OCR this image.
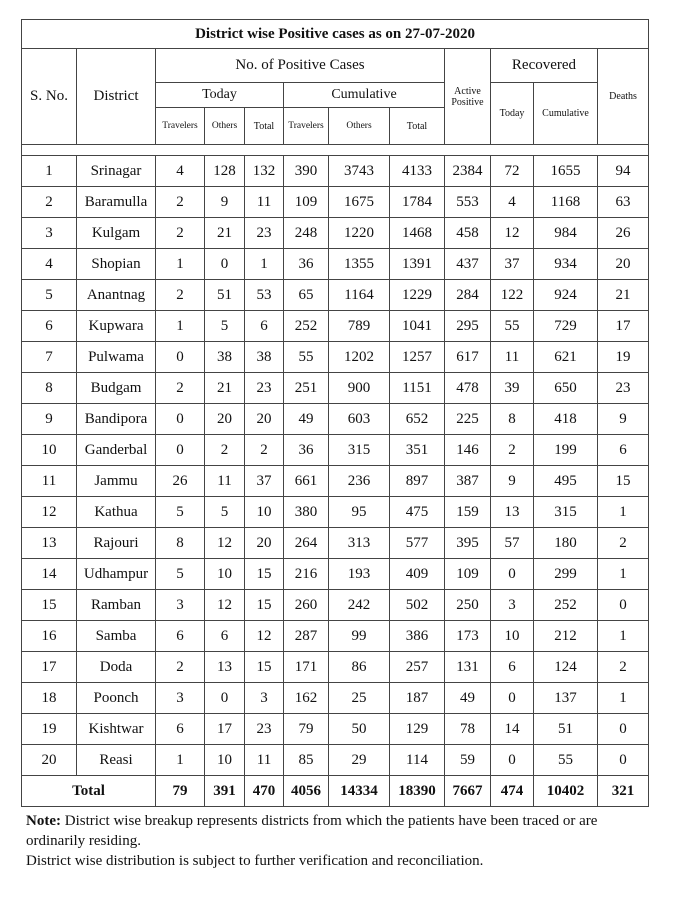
District wise Positive cases as on 27-07-2020											
S. No.	District	No. of Positive Cases						Active
Positive	Recovered		Deaths
		Today			Cumulative				Today	Cumulative	
		Travelers	Others	Total	Travelers	Others	Total				

1	Srinagar	4	128	132	390	3743	4133	2384	72	1655	94
2	Baramulla	2	9	11	109	1675	1784	553	4	1168	63
3	Kulgam	2	21	23	248	1220	1468	458	12	984	26
4	Shopian	1	0	1	36	1355	1391	437	37	934	20
5	Anantnag	2	51	53	65	1164	1229	284	122	924	21
6	Kupwara	1	5	6	252	789	1041	295	55	729	17
7	Pulwama	0	38	38	55	1202	1257	617	11	621	19
8	Budgam	2	21	23	251	900	1151	478	39	650	23
9	Bandipora	0	20	20	49	603	652	225	8	418	9
10	Ganderbal	0	2	2	36	315	351	146	2	199	6
11	Jammu	26	11	37	661	236	897	387	9	495	15
12	Kathua	5	5	10	380	95	475	159	13	315	1
13	Rajouri	8	12	20	264	313	577	395	57	180	2
14	Udhampur	5	10	15	216	193	409	109	0	299	1
15	Ramban	3	12	15	260	242	502	250	3	252	0
16	Samba	6	6	12	287	99	386	173	10	212	1
17	Doda	2	13	15	171	86	257	131	6	124	2
18	Poonch	3	0	3	162	25	187	49	0	137	1
19	Kishtwar	6	17	23	79	50	129	78	14	51	0
20	Reasi	1	10	11	85	29	114	59	0	55	0
Total		79	391	470	4056	14334	18390	7667	474	10402	321

Note: District wise breakup represents districts from which the patients have been traced or are ordinarily residing.

District wise distribution is subject to further verification and reconciliation.
